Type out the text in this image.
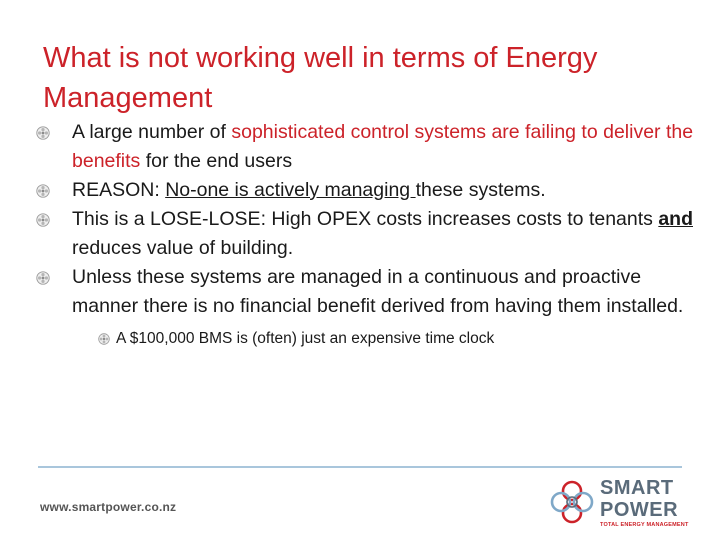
What is not working well in terms of Energy Management
A large number of sophisticated control systems are failing to deliver the benefits for the end users
REASON: No-one is actively managing these systems.
This is a LOSE-LOSE: High OPEX costs increases costs to tenants and reduces value of building.
Unless these systems are managed in a continuous and proactive manner there is no financial benefit derived from having them installed.
A $100,000 BMS is (often) just an expensive time clock
www.smartpower.co.nz
SMART
POWER
TOTAL ENERGY MANAGEMENT
